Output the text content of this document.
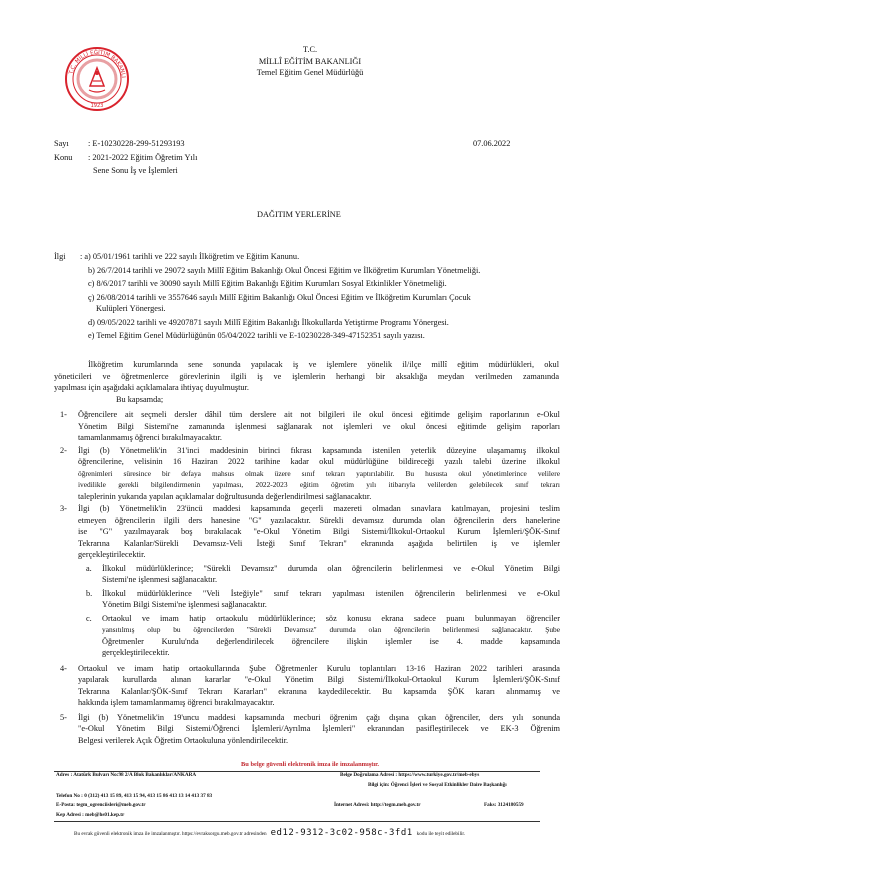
T.C. MİLLÎ EĞİTİM BAKANLI
1923
T.C.
MİLLÎ EĞİTİM BAKANLIĞI
Temel Eğitim Genel Müdürlüğü
Sayı : E-10230228-299-51293193	07.06.2022
Konu : 2021-2022 Eğitim Öğretim Yılı
Sene Sonu İş ve İşlemleri
DAĞITIM YERLERİNE
İlgi : a) 05/01/1961 tarihli ve 222 sayılı İlköğretim ve Eğitim Kanunu.
b) 26/7/2014 tarihli ve 29072 sayılı Millî Eğitim Bakanlığı Okul Öncesi Eğitim ve İlköğretim Kurumları Yönetmeliği.
c) 8/6/2017 tarihli ve 30090 sayılı Millî Eğitim Bakanlığı Eğitim Kurumları Sosyal Etkinlikler Yönetmeliği.
ç) 26/08/2014 tarihli ve 3557646 sayılı Millî Eğitim Bakanlığı Okul Öncesi Eğitim ve İlköğretim Kurumları Çocuk
Kulüpleri Yönergesi.
d) 09/05/2022 tarihli ve 49207871 sayılı Millî Eğitim Bakanlığı İlkokullarda Yetiştirme Programı Yönergesi.
e) Temel Eğitim Genel Müdürlüğünün 05/04/2022 tarihli ve E-10230228-349-47152351 sayılı yazısı.
İlköğretim kurumlarında sene sonunda yapılacak iş ve işlemlere yönelik il/ilçe millî eğitim müdürlükleri, okul
yöneticileri ve öğretmenlerce görevlerinin ilgili iş ve işlemlerin herhangi bir aksaklığa meydan verilmeden zamanında
yapılması için aşağıdaki açıklamalara ihtiyaç duyulmuştur.
Bu kapsamda;
1- Öğrencilere ait seçmeli dersler dâhil tüm derslere ait not bilgileri ile okul öncesi eğitimde gelişim raporlarının e-Okul
Yönetim Bilgi Sistemi'ne zamanında işlenmesi sağlanarak not işlemleri ve okul öncesi eğitimde gelişim raporları
tamamlanmamış öğrenci bırakılmayacaktır.
2- İlgi (b) Yönetmelik'in 31'inci maddesinin birinci fıkrası kapsamında istenilen yeterlik düzeyine ulaşamamış ilkokul
öğrencilerine, velisinin 16 Haziran 2022 tarihine kadar okul müdürlüğüne bildireceği yazılı talebi üzerine ilkokul
öğrenimleri süresince bir defaya mahsus olmak üzere sınıf tekrarı yaptırılabilir. Bu hususta okul yönetimlerince velilere
ivedilikle gerekli bilgilendirmenin yapılması, 2022-2023 eğitim öğretim yılı itibarıyla velilerden gelebilecek sınıf tekrarı
taleplerinin yukarıda yapılan açıklamalar doğrultusunda değerlendirilmesi sağlanacaktır.
3- İlgi (b) Yönetmelik'in 23'üncü maddesi kapsamında geçerli mazereti olmadan sınavlara katılmayan, projesini teslim
etmeyen öğrencilerin ilgili ders hanesine "G" yazılacaktır. Sürekli devamsız durumda olan öğrencilerin ders hanelerine
ise "G" yazılmayarak boş bırakılacak "e-Okul Yönetim Bilgi Sistemi/İlkokul-Ortaokul Kurum İşlemleri/ŞÖK-Sınıf
Tekrarına Kalanlar/Sürekli Devamsız-Veli İsteği Sınıf Tekrarı" ekranında aşağıda belirtilen iş ve işlemler
gerçekleştirilecektir.
a. İlkokul müdürlüklerince; "Sürekli Devamsız" durumda olan öğrencilerin belirlenmesi ve e-Okul Yönetim Bilgi
Sistemi'ne işlenmesi sağlanacaktır.
b. İlkokul müdürlüklerince "Veli İsteğiyle" sınıf tekrarı yapılması istenilen öğrencilerin belirlenmesi ve e-Okul
Yönetim Bilgi Sistemi'ne işlenmesi sağlanacaktır.
c. Ortaokul ve imam hatip ortaokulu müdürlüklerince; söz konusu ekrana sadece puanı bulunmayan öğrenciler
yansıtılmış olup bu öğrencilerden "Sürekli Devamsız" durumda olan öğrencilerin belirlenmesi sağlanacaktır. Şube
Öğretmenler Kurulu'nda değerlendirilecek öğrencilere ilişkin işlemler ise 4. madde kapsamında
gerçekleştirilecektir.
4- Ortaokul ve imam hatip ortaokullarında Şube Öğretmenler Kurulu toplantıları 13-16 Haziran 2022 tarihleri arasında
yapılarak kurullarda alınan kararlar "e-Okul Yönetim Bilgi Sistemi/İlkokul-Ortaokul Kurum İşlemleri/ŞÖK-Sınıf
Tekrarına Kalanlar/ŞÖK-Sınıf Tekrarı Kararları" ekranına kaydedilecektir. Bu kapsamda ŞÖK kararı alınmamış ve
hakkında işlem tamamlanmamış öğrenci bırakılmayacaktır.
5- İlgi (b) Yönetmelik'in 19'uncu maddesi kapsamında mecburi öğrenim çağı dışına çıkan öğrenciler, ders yılı sonunda
"e-Okul Yönetim Bilgi Sistemi/Öğrenci İşlemleri/Ayrılma İşlemleri" ekranından pasifleştirilecek ve EK-3 Öğrenim
Belgesi verilerek Açık Öğretim Ortaokuluna yönlendirilecektir.
Bu belge güvenli elektronik imza ile imzalanmıştır.
Adres : Atatürk Bulvarı No:98 2/A Blok Bakanlıklar/ANKARA	Belge Doğrulama Adresi : https://www.turkiye.gov.tr/meb-ebys
Bilgi için: Öğrenci İşleri ve Sosyal Etkinlikler Daire Başkanlığı
Telefon No : 0 (312) 413 15 89, 413 15 94, 413 15 86 413 13 14 413 37 83
E-Posta: tegm_ogrenciisleri@meb.gov.tr	İnternet Adresi: http://tegm.meb.gov.tr	Faks: 3124180559
Kep Adresi : meb@hs01.kep.tr
Bu evrak güvenli elektronik imza ile imzalanmıştır. https://evraksorgu.meb.gov.tr adresinden ed12-9312-3c02-958c-3fd1 kodu ile teyit edilebilir.
